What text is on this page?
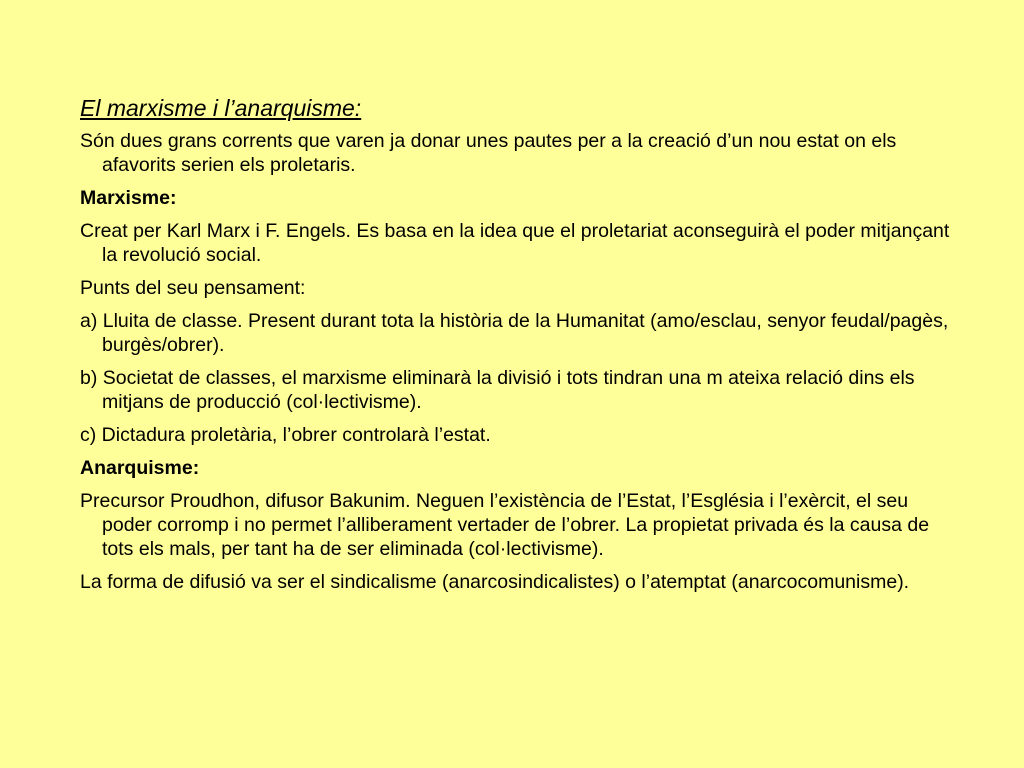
El marxisme i l’anarquisme:
Són dues grans corrents que varen ja donar unes pautes per a la creació d’un nou estat on els afavorits serien els proletaris.
Marxisme:
Creat per Karl Marx i F. Engels. Es basa en la idea que el proletariat aconseguirà el poder mitjançant la revolució social.
Punts del seu pensament:
a) Lluita de classe. Present durant tota la història de la Humanitat (amo/esclau, senyor feudal/pagès, burgès/obrer).
b) Societat de classes, el marxisme eliminarà la divisió i tots tindran una m ateixa relació dins els mitjans de producció (col·lectivisme).
c) Dictadura proletària, l’obrer controlarà l’estat.
Anarquisme:
Precursor Proudhon, difusor Bakunim. Neguen l’existència de l’Estat, l’Església i l’exèrcit, el seu poder corromp i no permet l’alliberament vertader de l’obrer. La propietat privada és la causa de tots els mals, per tant ha de ser eliminada (col·lectivisme).
La forma de difusió va ser el sindicalisme (anarcosindicalistes) o l’atemptat (anarcocomunisme).
